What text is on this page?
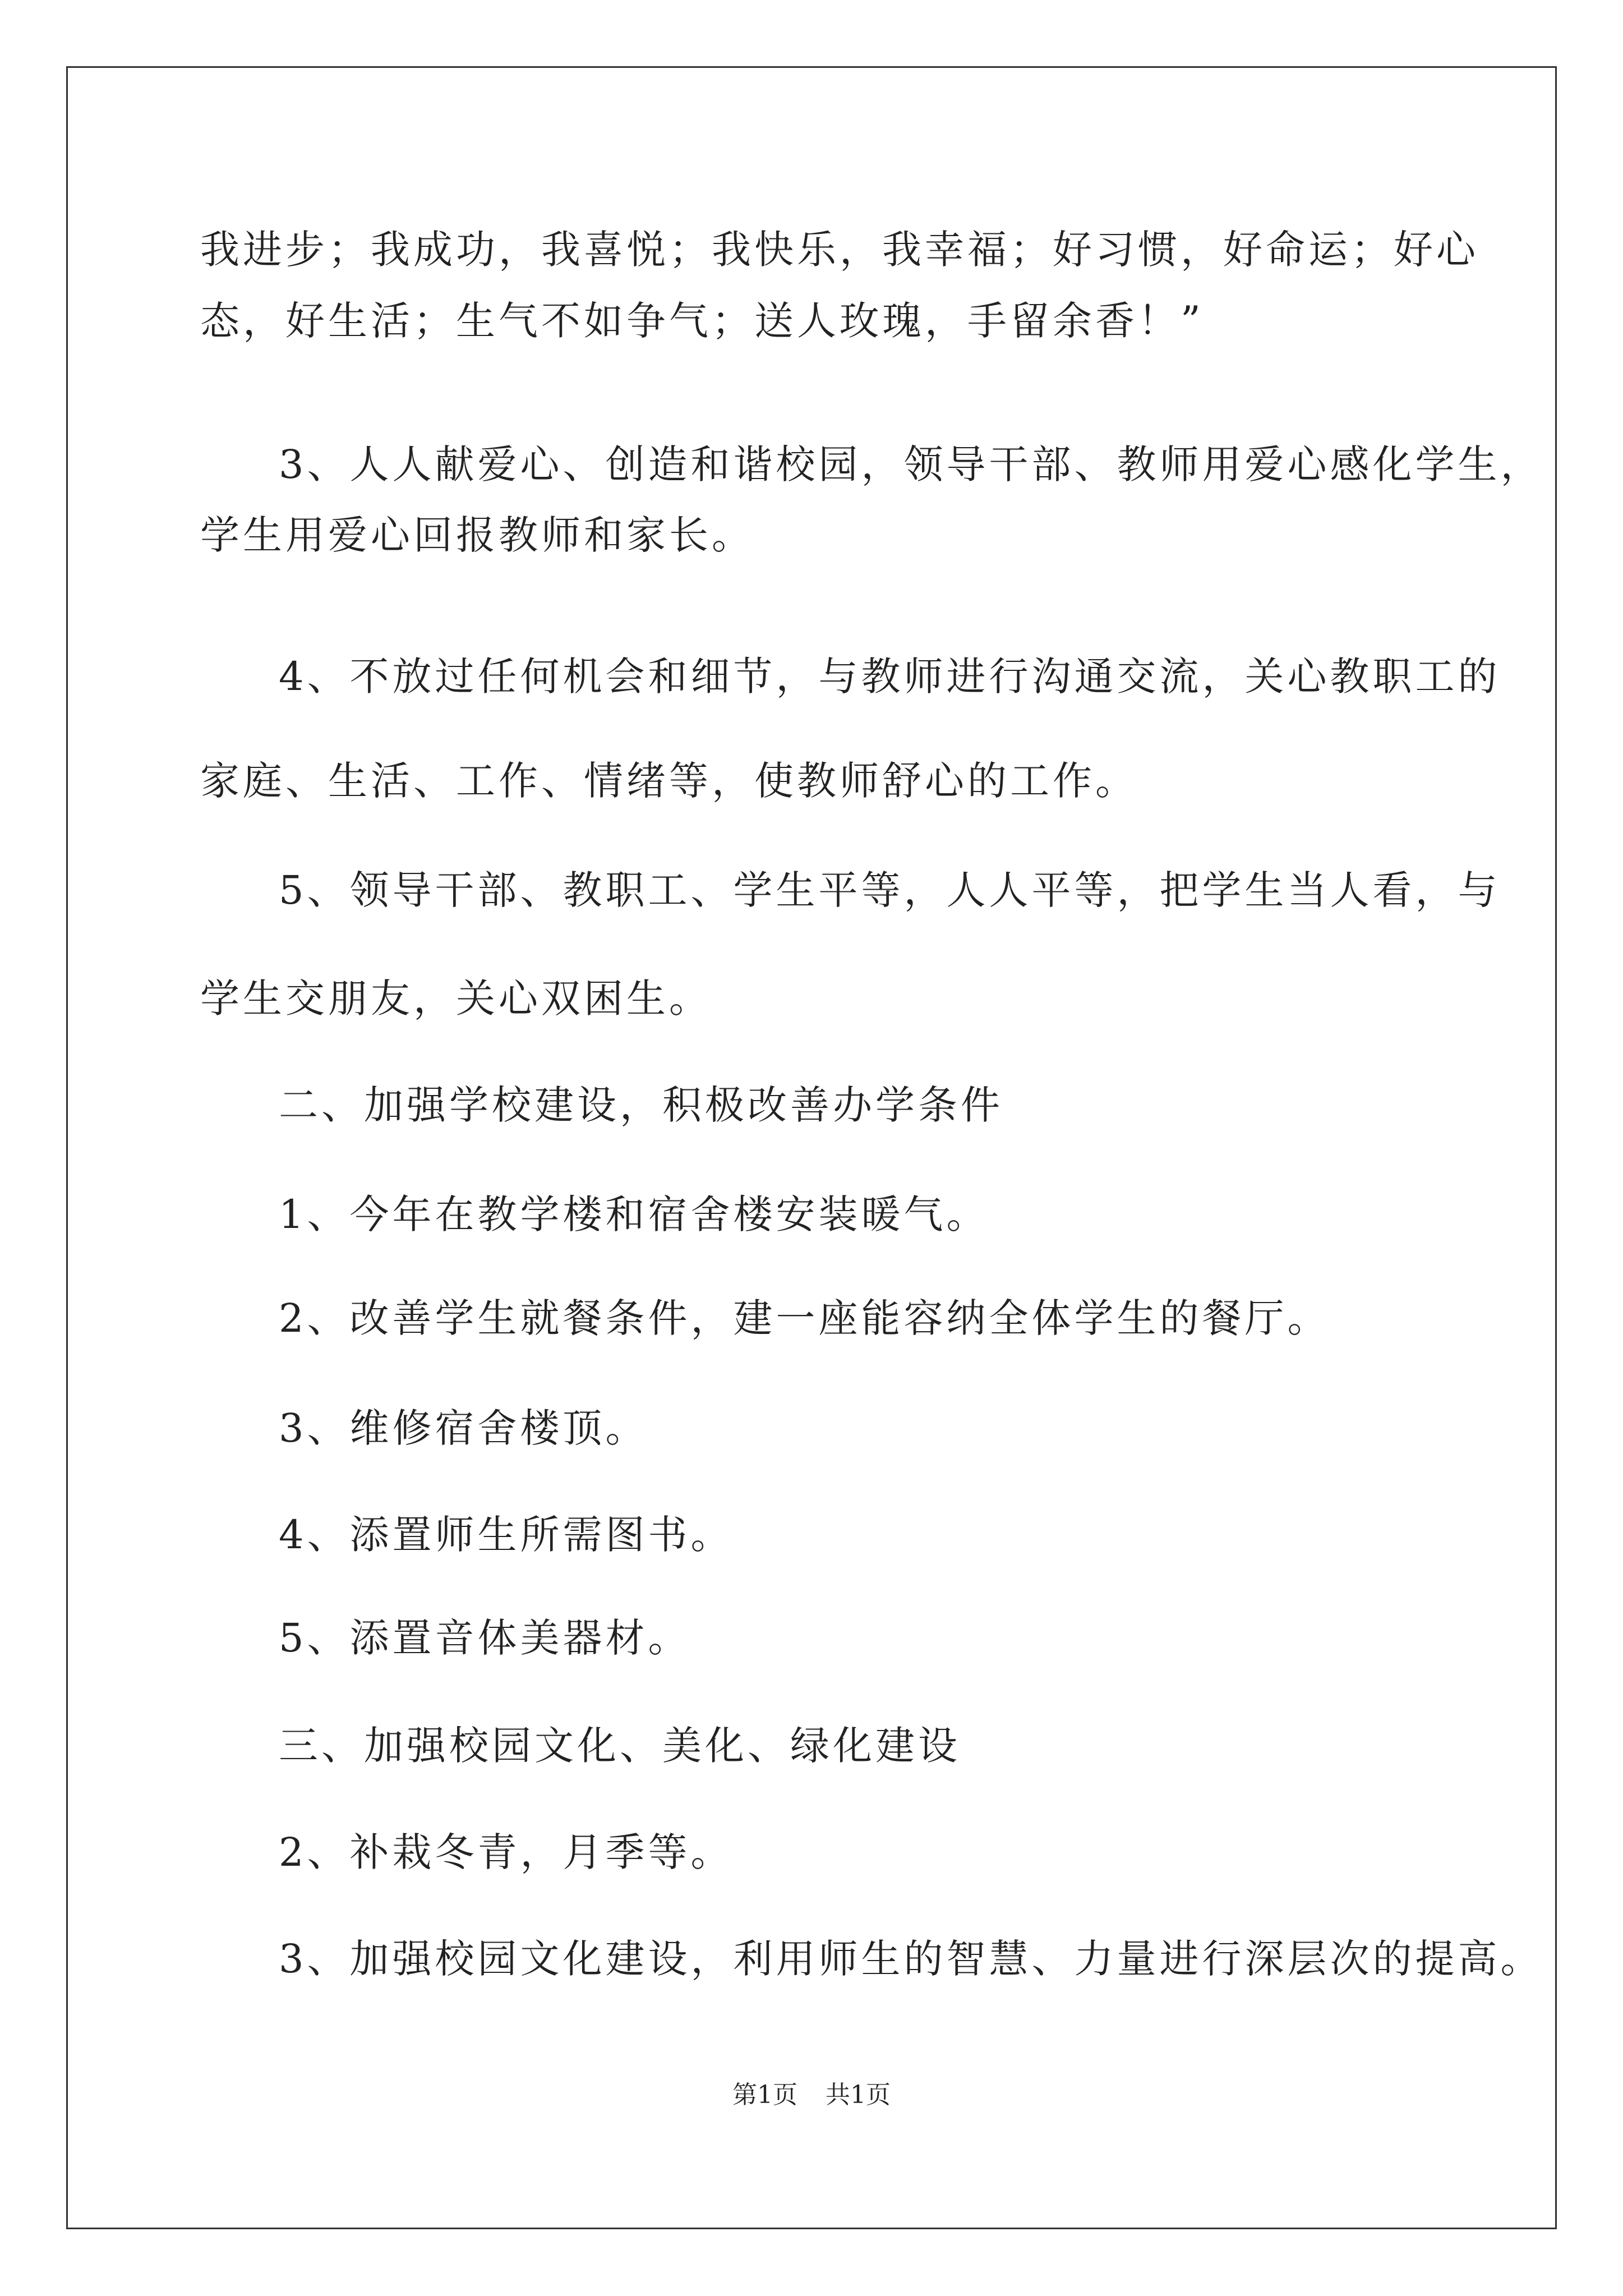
我进步；我成功，我喜悦；我快乐，我幸福；好习惯，好命运；好心
态，好生活；生气不如争气；送人玫瑰，手留余香！”
3、人人献爱心、创造和谐校园，领导干部、教师用爱心感化学生，
学生用爱心回报教师和家长。
4、不放过任何机会和细节，与教师进行沟通交流，关心教职工的
家庭、生活、工作、情绪等，使教师舒心的工作。
5、领导干部、教职工、学生平等，人人平等，把学生当人看，与
学生交朋友，关心双困生。
二、加强学校建设，积极改善办学条件
1、今年在教学楼和宿舍楼安装暖气。
2、改善学生就餐条件，建一座能容纳全体学生的餐厅。
3、维修宿舍楼顶。
4、添置师生所需图书。
5、添置音体美器材。
三、加强校园文化、美化、绿化建设
2、补栽冬青，月季等。
3、加强校园文化建设，利用师生的智慧、力量进行深层次的提高。
第1页 共1页
